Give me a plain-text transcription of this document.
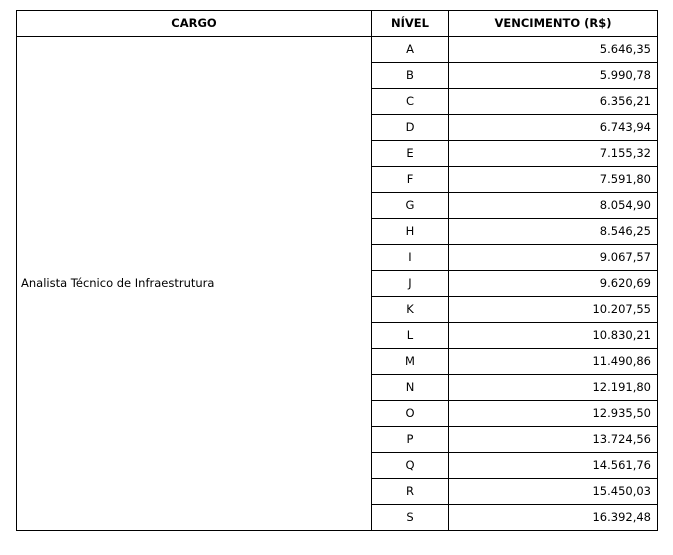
CARGO	NÍVEL	VENCIMENTO (R$)
Analista Técnico de Infraestrutura	A	5.646,35
	B	5.990,78
	C	6.356,21
	D	6.743,94
	E	7.155,32
	F	7.591,80
	G	8.054,90
	H	8.546,25
	I	9.067,57
	J	9.620,69
	K	10.207,55
	L	10.830,21
	M	11.490,86
	N	12.191,80
	O	12.935,50
	P	13.724,56
	Q	14.561,76
	R	15.450,03
	S	16.392,48
